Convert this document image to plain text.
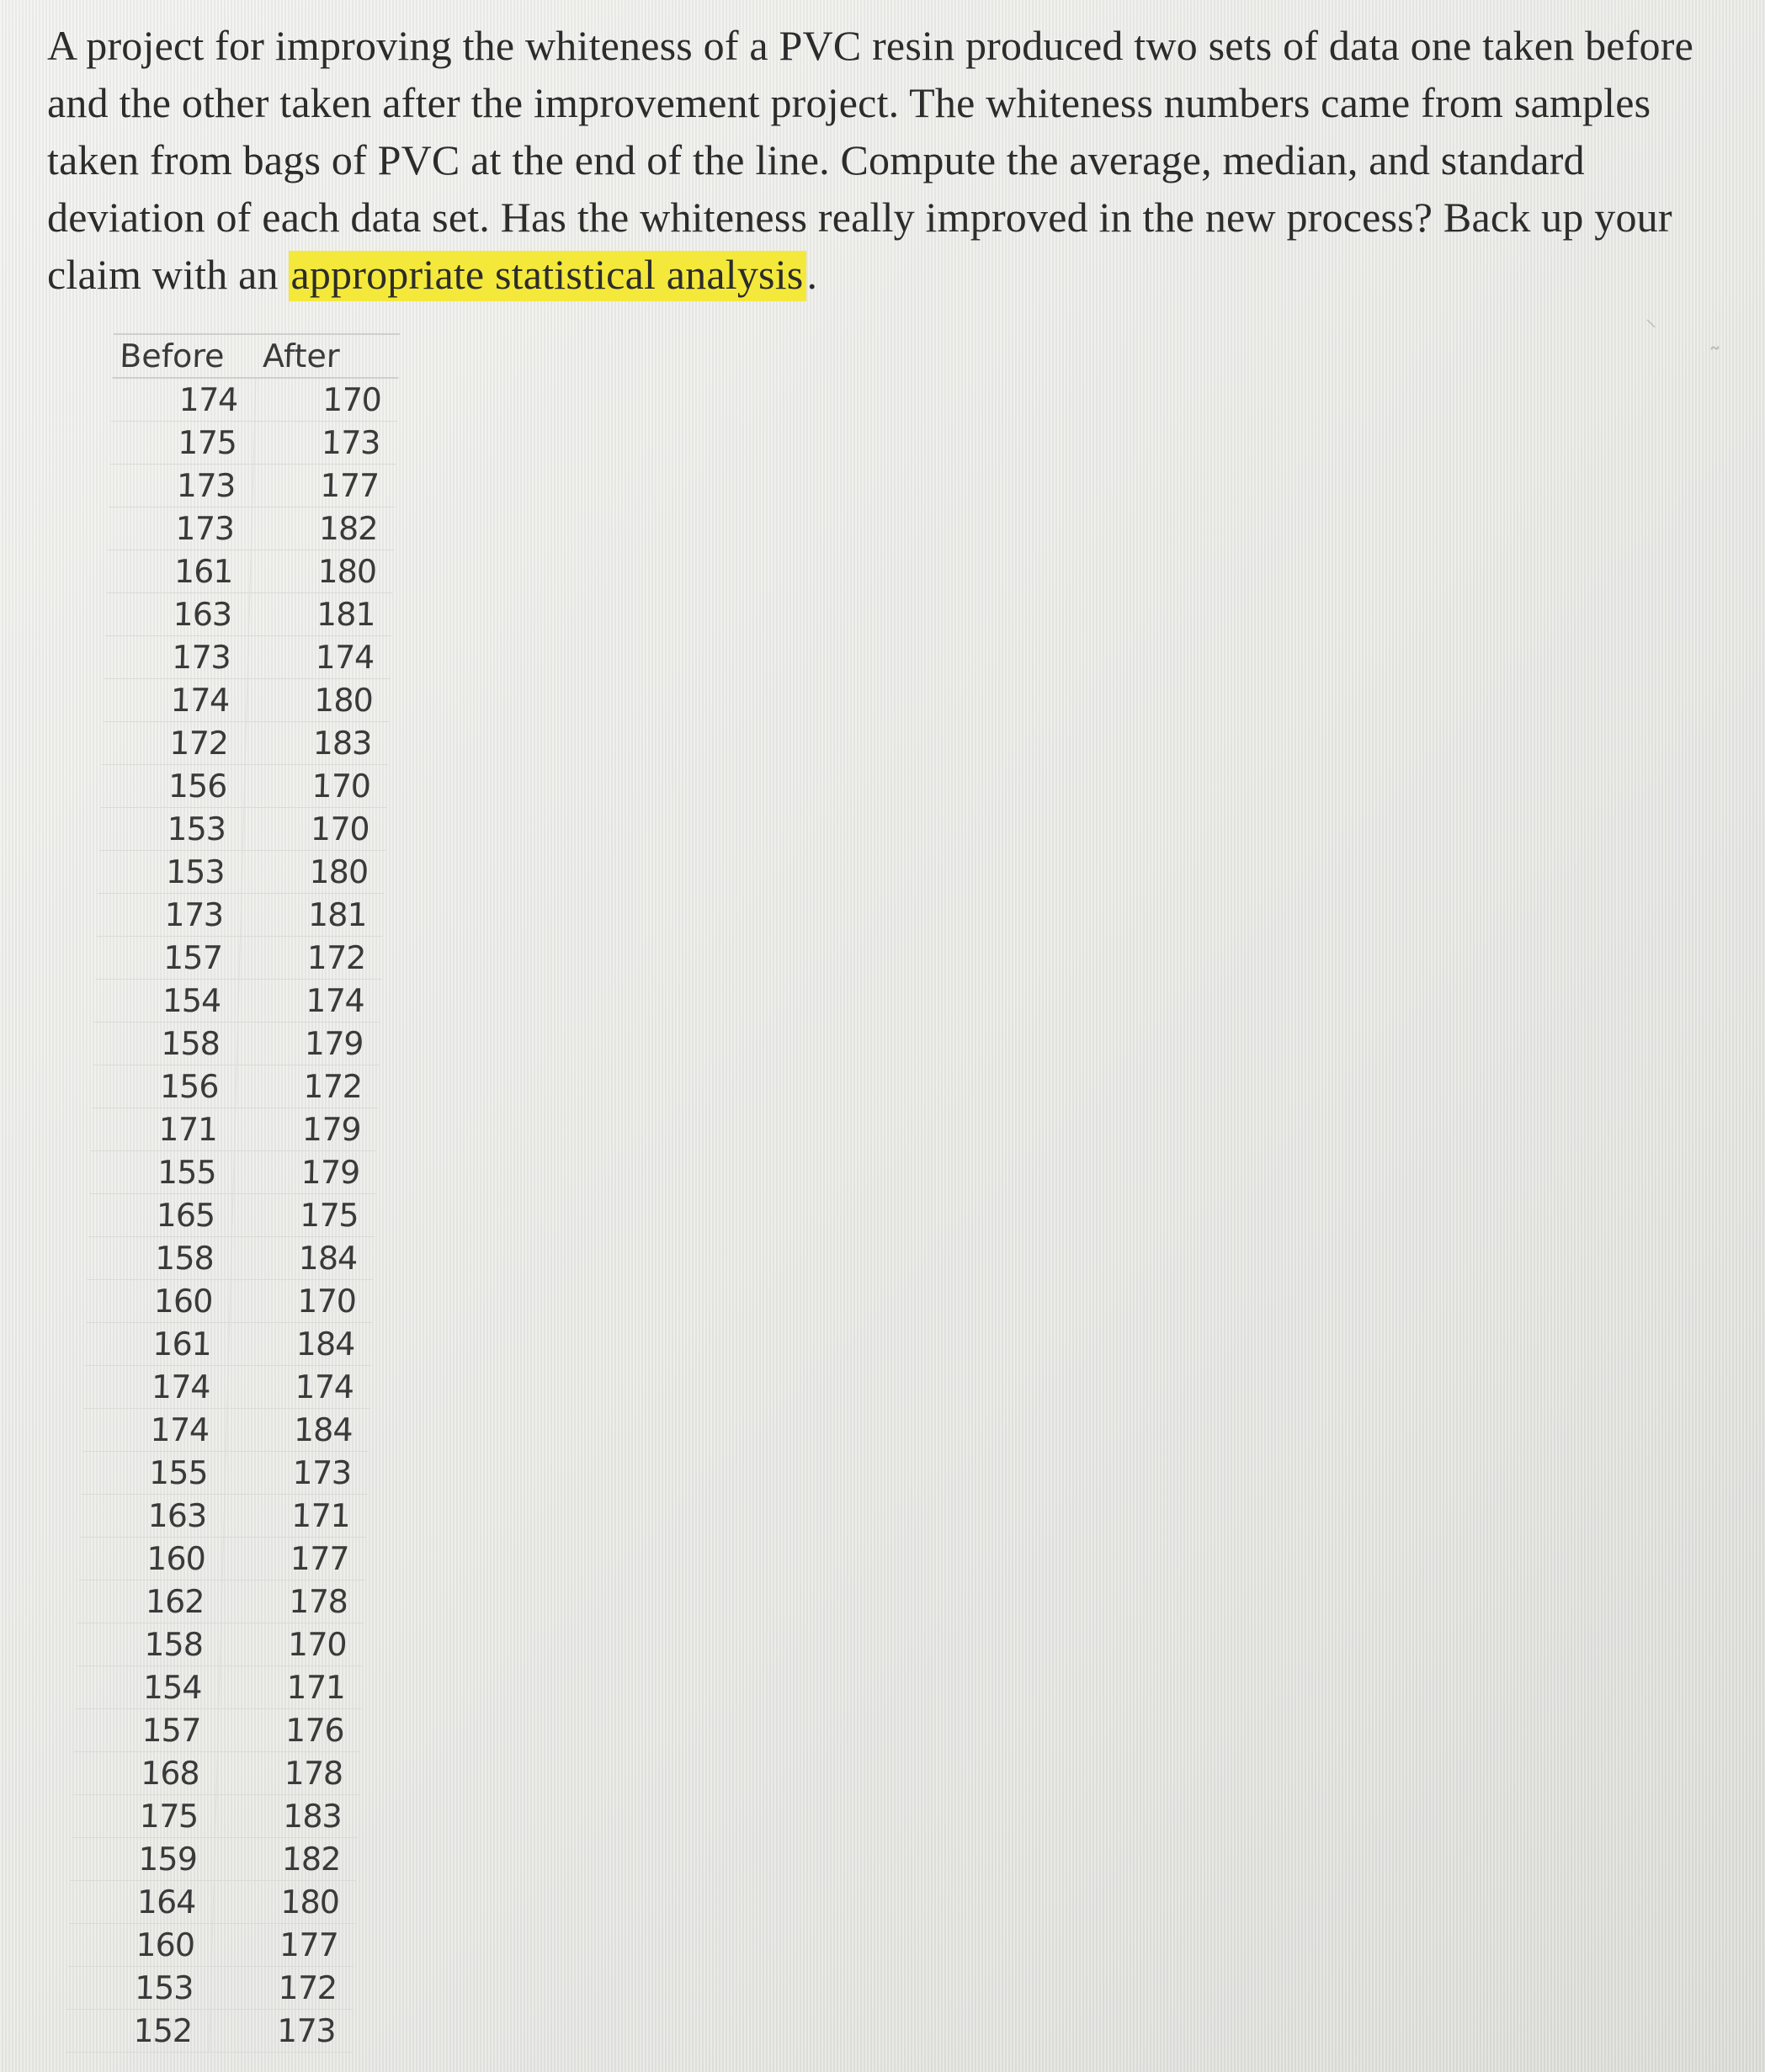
A project for improving the whiteness of a PVC resin produced two sets of data one taken before
and the other taken after the improvement project. The whiteness numbers came from samples
taken from bags of PVC at the end of the line. Compute the average, median, and standard
deviation of each data set. Has the whiteness really improved in the new process? Back up your
claim with an appropriate statistical analysis.
Before	After
174	170
175	173
173	177
173	182
161	180
163	181
173	174
174	180
172	183
156	170
153	170
153	180
173	181
157	172
154	174
158	179
156	172
171	179
155	179
165	175
158	184
160	170
161	184
174	174
174	184
155	173
163	171
160	177
162	178
158	170
154	171
157	176
168	178
175	183
159	182
164	180
160	177
153	172
152	173
⸌
˜
